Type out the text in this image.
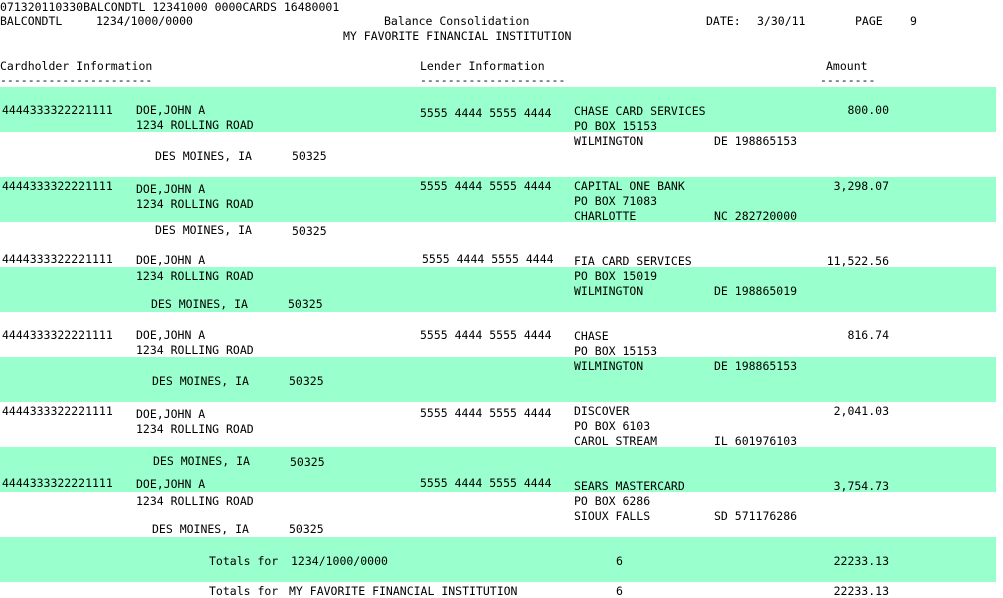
071320110330BALCONDTL 12341000 0000CARDS 16480001
BALCONDTL	1234/1000/0000	Balance Consolidation	DATE: 3/30/11	PAGE 9
MY FAVORITE FINANCIAL INSTITUTION
Cardholder Information
----------------------
Lender Information
---------------------
Amount
--------
4444333322221111 DOE,JOHN A
1234 ROLLING ROAD
DES MOINES, IA	50325
5555 4444 5555 4444 CHASE CARD SERVICES
PO BOX 15153
WILMINGTON	DE 198865153
800.00
4444333322221111 DOE,JOHN A
1234 ROLLING ROAD
DES MOINES, IA	50325
5555 4444 5555 4444 CAPITAL ONE BANK
PO BOX 71083
CHARLOTTE	NC 282720000
3,298.07
4444333322221111 DOE,JOHN A
1234 ROLLING ROAD
DES MOINES, IA	50325
5555 4444 5555 4444 FIA CARD SERVICES
PO BOX 15019
WILMINGTON	DE 198865019
11,522.56
4444333322221111 DOE,JOHN A
1234 ROLLING ROAD
DES MOINES, IA	50325
5555 4444 5555 4444 CHASE
PO BOX 15153
WILMINGTON	DE 198865153
816.74
4444333322221111 DOE,JOHN A
1234 ROLLING ROAD
DES MOINES, IA	50325
5555 4444 5555 4444 DISCOVER
PO BOX 6103
CAROL STREAM	IL 601976103
2,041.03
4444333322221111 DOE,JOHN A
1234 ROLLING ROAD
DES MOINES, IA	50325
5555 4444 5555 4444 SEARS MASTERCARD
PO BOX 6286
SIOUX FALLS	SD 571176286
3,754.73
Totals for 1234/1000/0000	6	22233.13
Totals for MY FAVORITE FINANCIAL INSTITUTION	6	22233.13
